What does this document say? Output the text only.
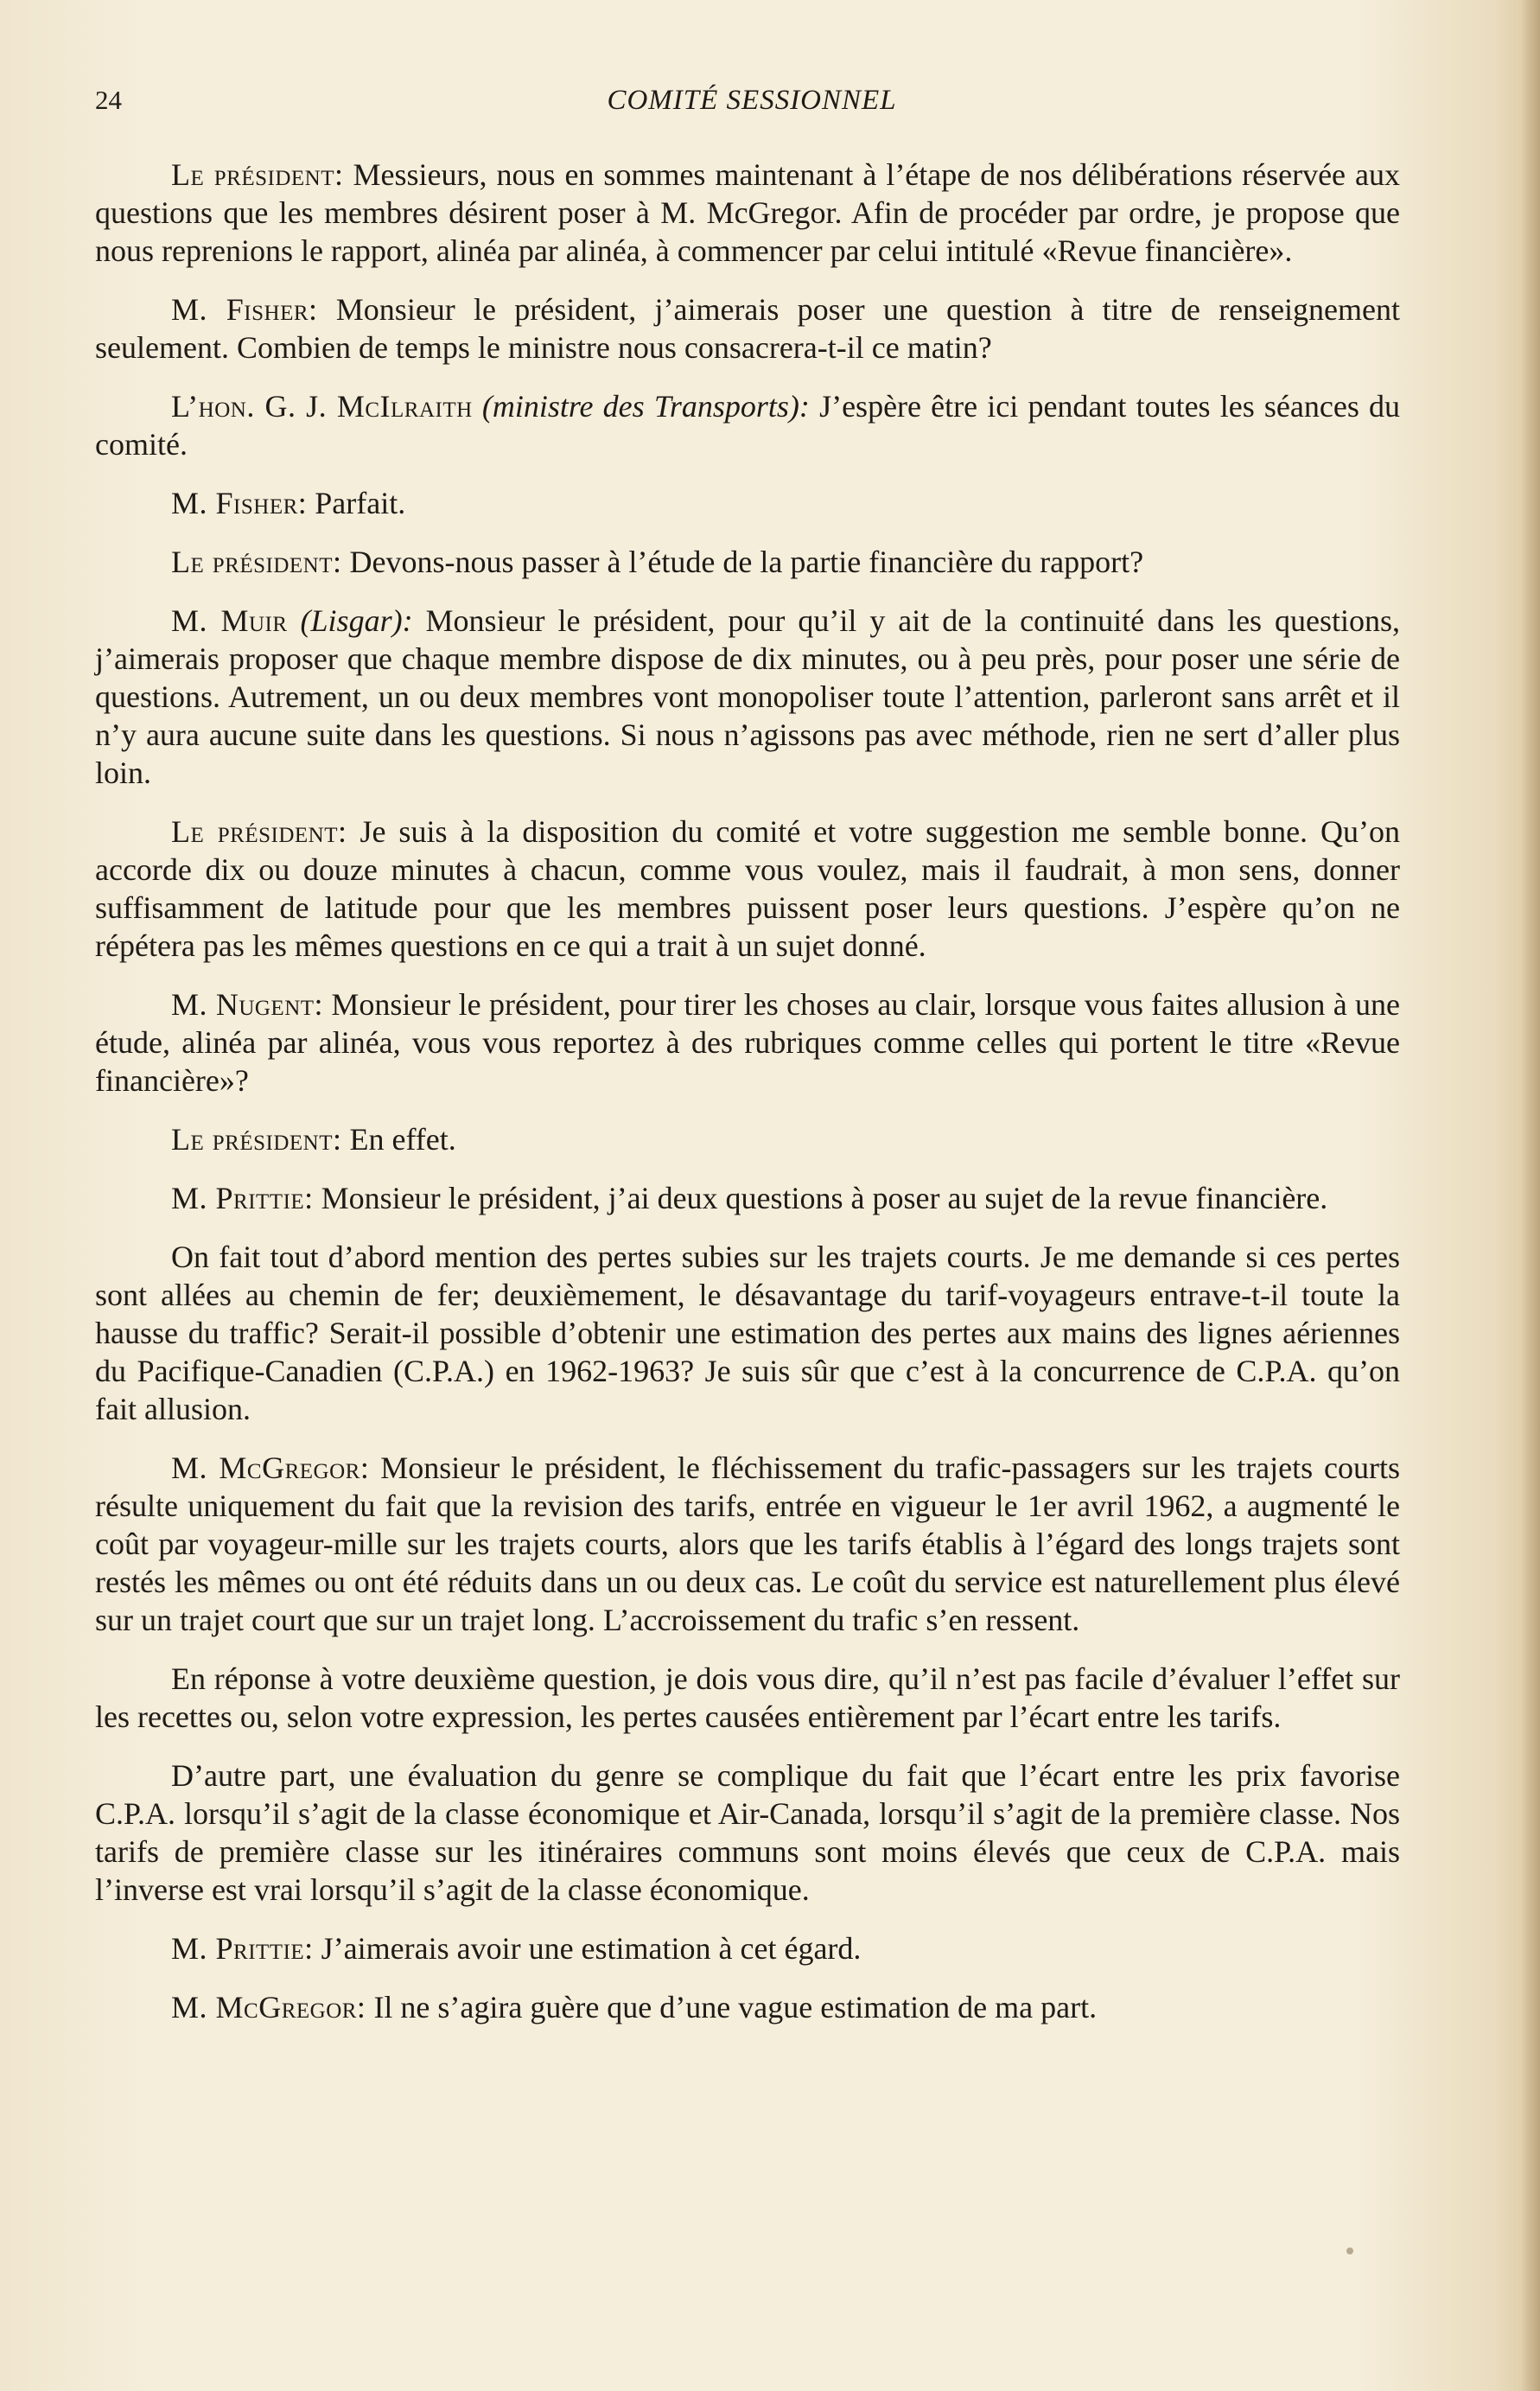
24	COMITÉ SESSIONNEL

Le président: Messieurs, nous en sommes maintenant à l’étape de nos délibérations réservée aux questions que les membres désirent poser à M. McGregor. Afin de procéder par ordre, je propose que nous reprenions le rapport, alinéa par alinéa, à commencer par celui intitulé «Revue financière».

M. Fisher: Monsieur le président, j’aimerais poser une question à titre de renseignement seulement. Combien de temps le ministre nous consacrera-t-il ce matin?

L’hon. G. J. McIlraith (ministre des Transports): J’espère être ici pendant toutes les séances du comité.

M. Fisher: Parfait.

Le président: Devons-nous passer à l’étude de la partie financière du rapport?

M. Muir (Lisgar): Monsieur le président, pour qu’il y ait de la continuité dans les questions, j’aimerais proposer que chaque membre dispose de dix minutes, ou à peu près, pour poser une série de questions. Autrement, un ou deux membres vont monopoliser toute l’attention, parleront sans arrêt et il n’y aura aucune suite dans les questions. Si nous n’agissons pas avec méthode, rien ne sert d’aller plus loin.

Le président: Je suis à la disposition du comité et votre suggestion me semble bonne. Qu’on accorde dix ou douze minutes à chacun, comme vous voulez, mais il faudrait, à mon sens, donner suffisamment de latitude pour que les membres puissent poser leurs questions. J’espère qu’on ne répétera pas les mêmes questions en ce qui a trait à un sujet donné.

M. Nugent: Monsieur le président, pour tirer les choses au clair, lorsque vous faites allusion à une étude, alinéa par alinéa, vous vous reportez à des rubriques comme celles qui portent le titre «Revue financière»?

Le président: En effet.

M. Prittie: Monsieur le président, j’ai deux questions à poser au sujet de la revue financière.

On fait tout d’abord mention des pertes subies sur les trajets courts. Je me demande si ces pertes sont allées au chemin de fer; deuxièmement, le désavantage du tarif-voyageurs entrave-t-il toute la hausse du traffic? Serait-il possible d’obtenir une estimation des pertes aux mains des lignes aériennes du Pacifique-Canadien (C.P.A.) en 1962-1963? Je suis sûr que c’est à la concurrence de C.P.A. qu’on fait allusion.

M. McGregor: Monsieur le président, le fléchissement du trafic-passagers sur les trajets courts résulte uniquement du fait que la revision des tarifs, entrée en vigueur le 1er avril 1962, a augmenté le coût par voyageur-mille sur les trajets courts, alors que les tarifs établis à l’égard des longs trajets sont restés les mêmes ou ont été réduits dans un ou deux cas. Le coût du service est naturellement plus élevé sur un trajet court que sur un trajet long. L’accroissement du trafic s’en ressent.

En réponse à votre deuxième question, je dois vous dire, qu’il n’est pas facile d’évaluer l’effet sur les recettes ou, selon votre expression, les pertes causées entièrement par l’écart entre les tarifs.

D’autre part, une évaluation du genre se complique du fait que l’écart entre les prix favorise C.P.A. lorsqu’il s’agit de la classe économique et Air-Canada, lorsqu’il s’agit de la première classe. Nos tarifs de première classe sur les itinéraires communs sont moins élevés que ceux de C.P.A. mais l’inverse est vrai lorsqu’il s’agit de la classe économique.

M. Prittie: J’aimerais avoir une estimation à cet égard.

M. McGregor: Il ne s’agira guère que d’une vague estimation de ma part.
